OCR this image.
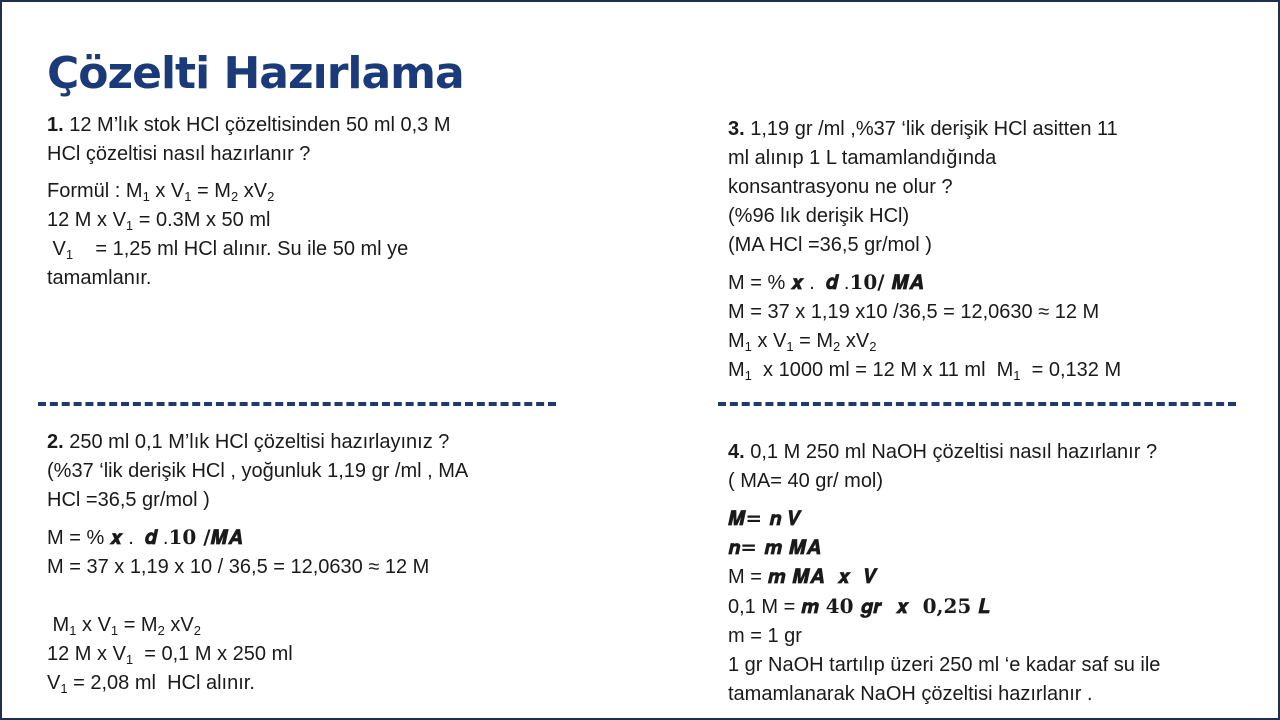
Çözelti Hazırlama
1. 12 M’lık stok HCl çözeltisinden 50 ml 0,3 M
HCl çözeltisi nasıl hazırlanır ?
Formül : $M_1$ x $V_1 = M_2$ $xV_2$
12 M x $V_1 = 0.3M$ x 50 ml
$V_1$    = 1,25 ml HCl alınır. Su ile 50 ml ye
tamamlanır.
3. 1,19 gr /ml ,%37 ‘lik derişik HCl asitten 11
ml alınıp 1 L tamamlandığında
konsantrasyonu ne olur ?
(%96 lık derişik HCl)
(MA HCl =36,5 gr/mol )
M = % 𝒙 .  𝒅 .𝟏𝟎/ 𝑴𝑨
M = 37 x 1,19 x10 /36,5 = 12,0630 ≈ 12 M
$M_1$ x $V_1 = M_2$ $xV_2$
$M_1$  x 1000 ml = 12 M x 11 ml  $M_1 = 0,132$ M
2. 250 ml 0,1 M’lık HCl çözeltisi hazırlayınız ?
(%37 ‘lik derişik HCl , yoğunluk 1,19 gr /ml , MA
HCl =36,5 gr/mol )
M = % 𝒙 .  𝒅 .𝟏𝟎 /𝑴𝑨
M = 37 x 1,19 x 10 / 36,5 = 12,0630 ≈ 12 M
$M_1$ x $V_1 = M_2$ $xV_2$
12 M x $V_1 = 0,1$ M x 250 ml
$V_1 = 2,08$ ml  HCl alınır.
4. 0,1 M 250 ml NaOH çözeltisi nasıl hazırlanır ?
( MA= 40 gr/ mol)
𝑴= 𝒏 𝑽
𝒏= 𝒎 𝑴𝑨
M = 𝒎 𝑴𝑨  𝒙  𝑽
0,1 M = 𝒎 𝟒𝟎 𝒈𝒓  𝒙  𝟎,𝟐𝟓 𝑳
m = 1 gr
1 gr NaOH tartılıp üzeri 250 ml ‘e kadar saf su ile
tamamlanarak NaOH çözeltisi hazırlanır .
